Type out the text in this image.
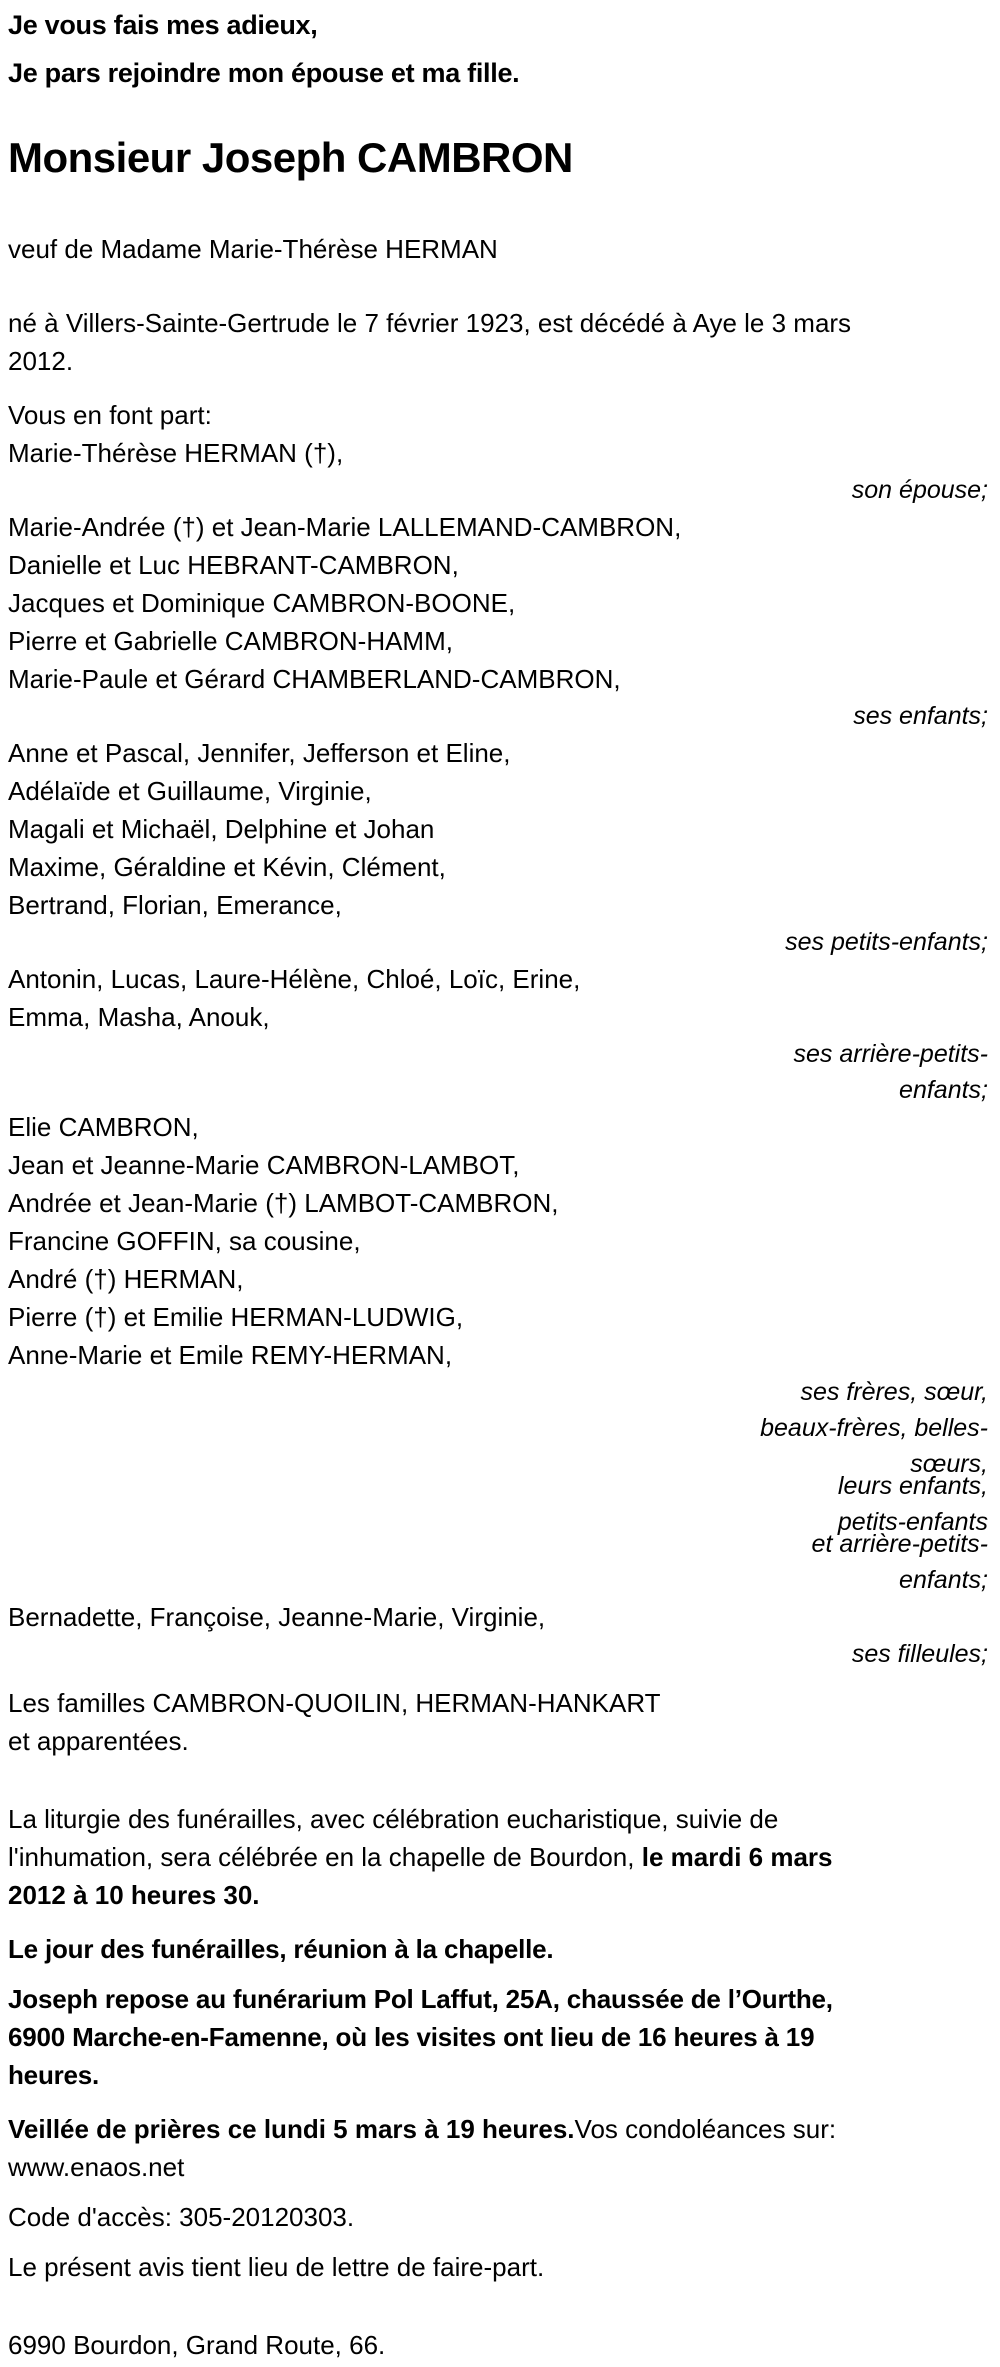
Je vous fais mes adieux,

Je pars rejoindre mon épouse et ma fille.

Monsieur Joseph CAMBRON

veuf de Madame Marie-Thérèse HERMAN

né à Villers-Sainte-Gertrude le 7 février 1923, est décédé à Aye le 3 mars
2012.

Vous en font part:

Marie-Thérèse HERMAN (†),
son épouse;
Marie-Andrée (†) et Jean-Marie LALLEMAND-CAMBRON,
Danielle et Luc HEBRANT-CAMBRON,
Jacques et Dominique CAMBRON-BOONE,
Pierre et Gabrielle CAMBRON-HAMM,
Marie-Paule et Gérard CHAMBERLAND-CAMBRON,
ses enfants;
Anne et Pascal, Jennifer, Jefferson et Eline,
Adélaïde et Guillaume, Virginie,
Magali et Michaël, Delphine et Johan
Maxime, Géraldine et Kévin, Clément,
Bertrand, Florian, Emerance,
ses petits-enfants;
Antonin, Lucas, Laure-Hélène, Chloé, Loïc, Erine,
Emma, Masha, Anouk,
ses arrière-petits-
enfants;
Elie CAMBRON,
Jean et Jeanne-Marie CAMBRON-LAMBOT,
Andrée et Jean-Marie (†) LAMBOT-CAMBRON,
Francine GOFFIN, sa cousine,
André (†) HERMAN,
Pierre (†) et Emilie HERMAN-LUDWIG,
Anne-Marie et Emile REMY-HERMAN,
ses frères, sœur,
beaux-frères, belles-
sœurs,
leurs enfants,
petits-enfants
et arrière-petits-
enfants;
Bernadette, Françoise, Jeanne-Marie, Virginie,
ses filleules;
Les familles CAMBRON-QUOILIN, HERMAN-HANKART
et apparentées.
La liturgie des funérailles, avec célébration eucharistique, suivie de
l'inhumation, sera célébrée en la chapelle de Bourdon, le mardi 6 mars
2012 à 10 heures 30.

Le jour des funérailles, réunion à la chapelle.

Joseph repose au funérarium Pol Laffut, 25A, chaussée de l’Ourthe,
6900 Marche-en-Famenne, où les visites ont lieu de 16 heures à 19
heures.
Veillée de prières ce lundi 5 mars à 19 heures.Vos condoléances sur:
www.enaos.net

Code d'accès: 305-20120303.

Le présent avis tient lieu de lettre de faire-part.

6990 Bourdon, Grand Route, 66.
